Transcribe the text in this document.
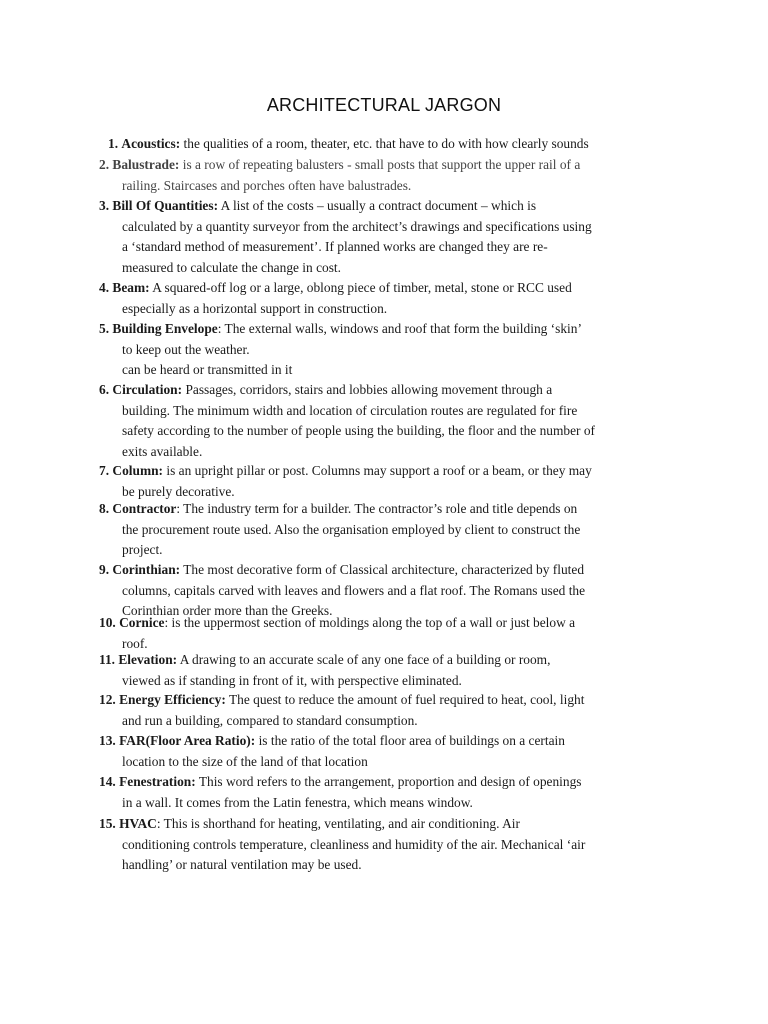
ARCHITECTURAL JARGON
1. Acoustics: the qualities of a room, theater, etc. that have to do with how clearly sounds
2. Balustrade: is a row of repeating balusters - small posts that support the upper rail of a
railing. Staircases and porches often have balustrades.
3. Bill Of Quantities: A list of the costs – usually a contract document – which is
calculated by a quantity surveyor from the architect’s drawings and specifications using
a ‘standard method of measurement’. If planned works are changed they are re-
measured to calculate the change in cost.
4. Beam: A squared-off log or a large, oblong piece of timber, metal, stone or RCC used
especially as a horizontal support in construction.
5. Building Envelope: The external walls, windows and roof that form the building ‘skin’
to keep out the weather.
can be heard or transmitted in it
6. Circulation: Passages, corridors, stairs and lobbies allowing movement through a
building. The minimum width and location of circulation routes are regulated for fire
safety according to the number of people using the building, the floor and the number of
exits available.
7. Column: is an upright pillar or post. Columns may support a roof or a beam, or they may
be purely decorative.
8. Contractor: The industry term for a builder. The contractor’s role and title depends on
the procurement route used. Also the organisation employed by client to construct the
project.
9. Corinthian: The most decorative form of Classical architecture, characterized by fluted
columns, capitals carved with leaves and flowers and a flat roof. The Romans used the
Corinthian order more than the Greeks.
10. Cornice: is the uppermost section of moldings along the top of a wall or just below a
roof.
11. Elevation: A drawing to an accurate scale of any one face of a building or room,
viewed as if standing in front of it, with perspective eliminated.
12. Energy Efficiency: The quest to reduce the amount of fuel required to heat, cool, light
and run a building, compared to standard consumption.
13. FAR(Floor Area Ratio): is the ratio of the total floor area of buildings on a certain
location to the size of the land of that location
14. Fenestration: This word refers to the arrangement, proportion and design of openings
in a wall. It comes from the Latin fenestra, which means window.
15. HVAC: This is shorthand for heating, ventilating, and air conditioning. Air
conditioning controls temperature, cleanliness and humidity of the air. Mechanical ‘air
handling’ or natural ventilation may be used.
